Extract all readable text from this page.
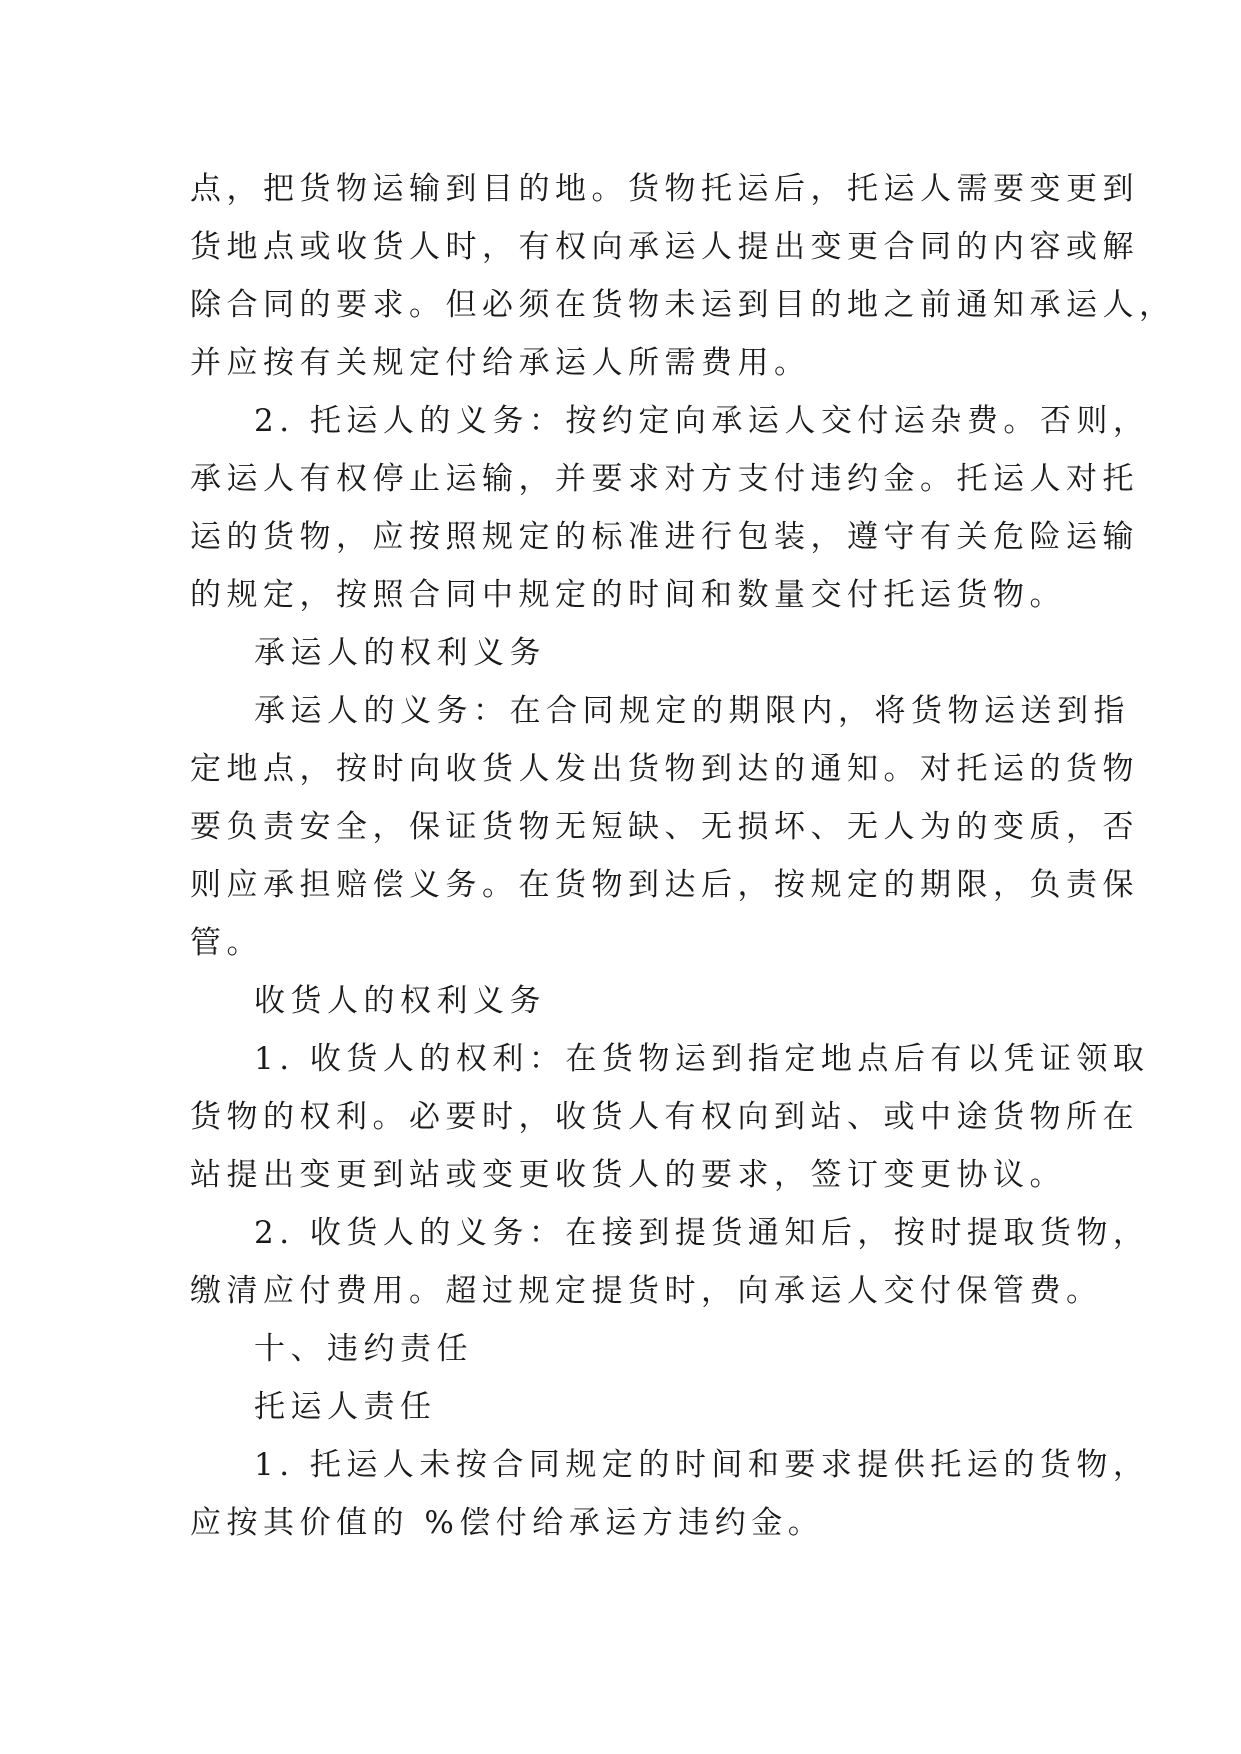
点，把货物运输到目的地。货物托运后，托运人需要变更到
货地点或收货人时，有权向承运人提出变更合同的内容或解
除合同的要求。但必须在货物未运到目的地之前通知承运人，
并应按有关规定付给承运人所需费用。
2. 托运人的义务：按约定向承运人交付运杂费。否则，
承运人有权停止运输，并要求对方支付违约金。托运人对托
运的货物，应按照规定的标准进行包装，遵守有关危险运输
的规定，按照合同中规定的时间和数量交付托运货物。
承运人的权利义务
承运人的义务：在合同规定的期限内，将货物运送到指
定地点，按时向收货人发出货物到达的通知。对托运的货物
要负责安全，保证货物无短缺、无损坏、无人为的变质，否
则应承担赔偿义务。在货物到达后，按规定的期限，负责保
管。
收货人的权利义务
1. 收货人的权利：在货物运到指定地点后有以凭证领取
货物的权利。必要时，收货人有权向到站、或中途货物所在
站提出变更到站或变更收货人的要求，签订变更协议。
2. 收货人的义务：在接到提货通知后，按时提取货物，
缴清应付费用。超过规定提货时，向承运人交付保管费。
十、违约责任
托运人责任
1. 托运人未按合同规定的时间和要求提供托运的货物，
应按其价值的 %偿付给承运方违约金。
